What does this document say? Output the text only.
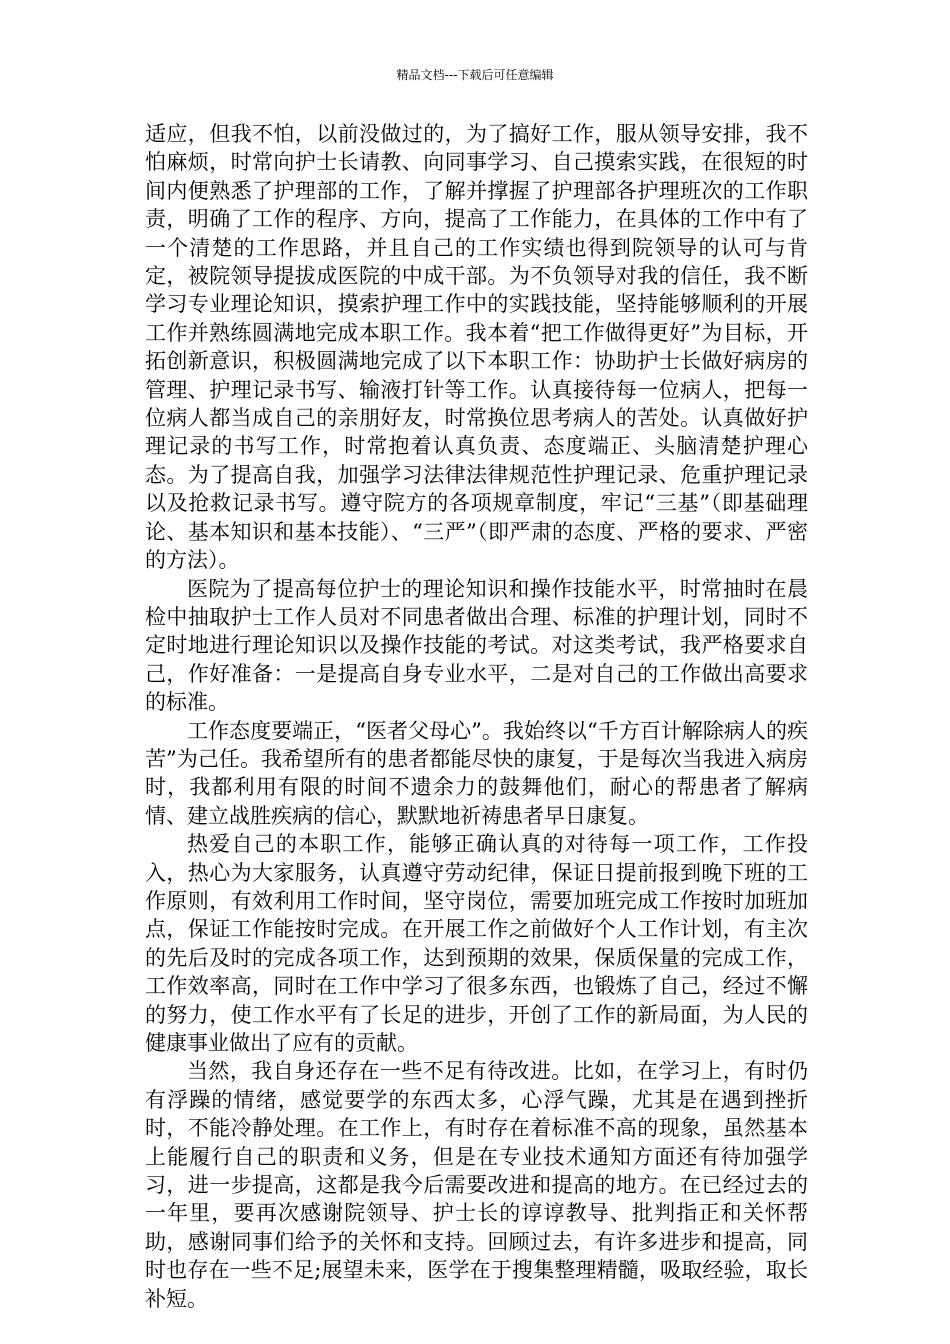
精品文档---下载后可任意编辑

适应，但我不怕，以前没做过的，为了搞好工作，服从领导安排，我不怕麻烦，时常向护士长请教、向同事学习、自己摸索实践，在很短的时间内便熟悉了护理部的工作，了解并撑握了护理部各护理班次的工作职责，明确了工作的程序、方向，提高了工作能力，在具体的工作中有了一个清楚的工作思路，并且自己的工作实绩也得到院领导的认可与肯定，被院领导提拔成医院的中成干部。为不负领导对我的信任，我不断学习专业理论知识，摸索护理工作中的实践技能，坚持能够顺利的开展工作并熟练圆满地完成本职工作。我本着“把工作做得更好”为目标，开拓创新意识，积极圆满地完成了以下本职工作：协助护士长做好病房的管理、护理记录书写、输液打针等工作。认真接待每一位病人，把每一位病人都当成自己的亲朋好友，时常换位思考病人的苦处。认真做好护理记录的书写工作，时常抱着认真负责、态度端正、头脑清楚护理心态。为了提高自我，加强学习法律法律规范性护理记录、危重护理记录以及抢救记录书写。遵守院方的各项规章制度，牢记“三基”（即基础理论、基本知识和基本技能）、“三严”（即严肃的态度、严格的要求、严密的方法）。

医院为了提高每位护士的理论知识和操作技能水平，时常抽时在晨检中抽取护士工作人员对不同患者做出合理、标准的护理计划，同时不定时地进行理论知识以及操作技能的考试。对这类考试，我严格要求自己，作好准备：一是提高自身专业水平，二是对自己的工作做出高要求的标准。

工作态度要端正，“医者父母心”。我始终以“千方百计解除病人的疾苦”为己任。我希望所有的患者都能尽快的康复，于是每次当我进入病房时，我都利用有限的时间不遗余力的鼓舞他们，耐心的帮患者了解病情、建立战胜疾病的信心，默默地祈祷患者早日康复。

热爱自己的本职工作，能够正确认真的对待每一项工作，工作投入，热心为大家服务，认真遵守劳动纪律，保证日提前报到晚下班的工作原则，有效利用工作时间，坚守岗位，需要加班完成工作按时加班加点，保证工作能按时完成。在开展工作之前做好个人工作计划，有主次的先后及时的完成各项工作，达到预期的效果，保质保量的完成工作，工作效率高，同时在工作中学习了很多东西，也锻炼了自己，经过不懈的努力，使工作水平有了长足的进步，开创了工作的新局面，为人民的健康事业做出了应有的贡献。

当然，我自身还存在一些不足有待改进。比如，在学习上，有时仍有浮躁的情绪，感觉要学的东西太多，心浮气躁，尤其是在遇到挫折时，不能冷静处理。在工作上，有时存在着标准不高的现象，虽然基本上能履行自己的职责和义务，但是在专业技术通知方面还有待加强学习，进一步提高，这都是我今后需要改进和提高的地方。在已经过去的一年里，要再次感谢院领导、护士长的谆谆教导、批判指正和关怀帮助，感谢同事们给予的关怀和支持。回顾过去，有许多进步和提高，同时也存在一些不足;展望未来，医学在于搜集整理精髓，吸取经验，取长补短。
